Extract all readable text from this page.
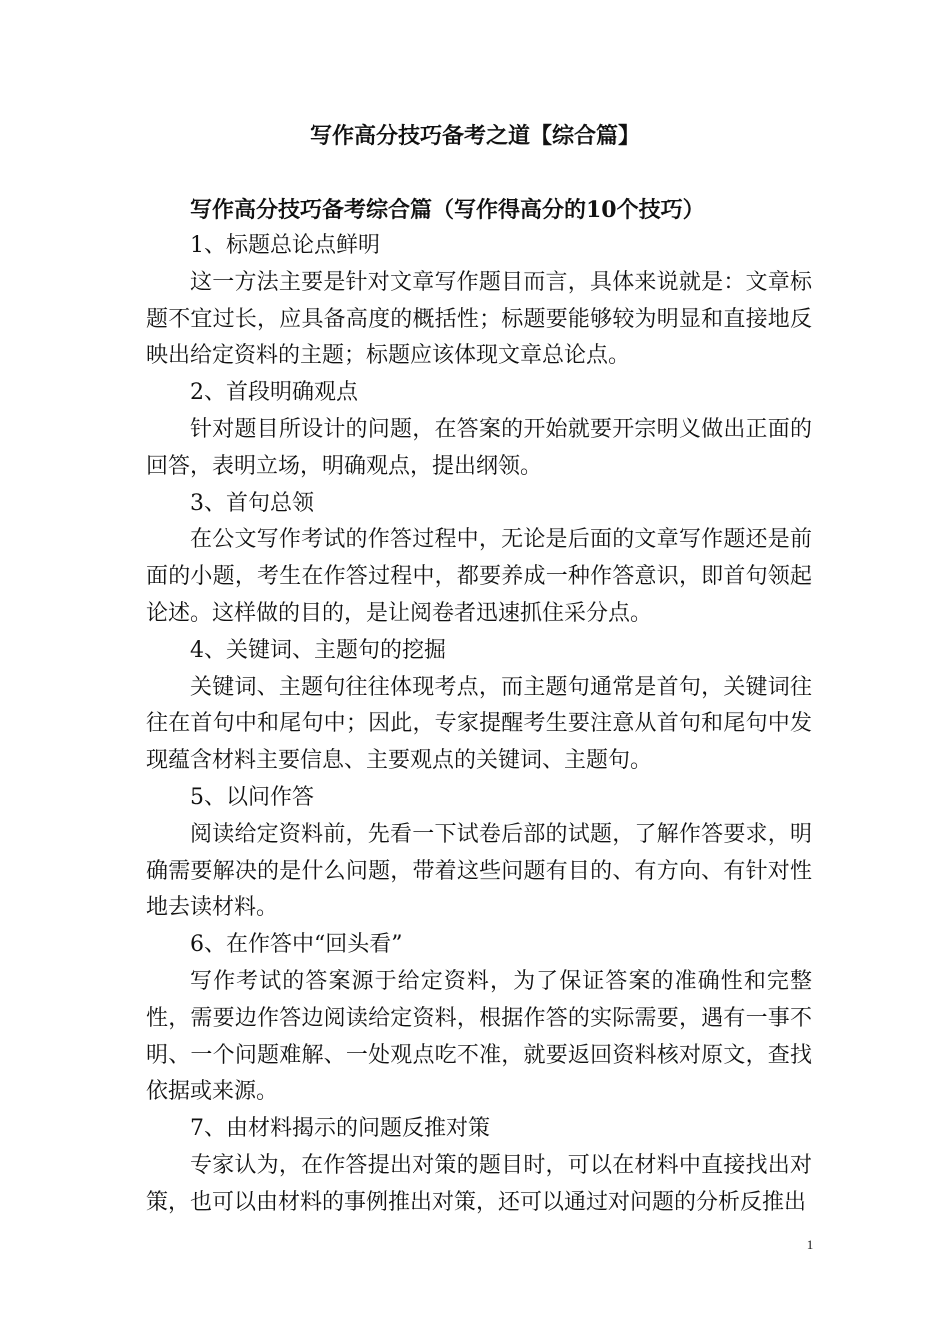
写作高分技巧备考之道【综合篇】
写作高分技巧备考综合篇（写作得高分的10个技巧）

1、标题总论点鲜明

这一方法主要是针对文章写作题目而言，具体来说就是：文章标题不宜过长，应具备高度的概括性；标题要能够较为明显和直接地反映出给定资料的主题；标题应该体现文章总论点。

2、首段明确观点

针对题目所设计的问题，在答案的开始就要开宗明义做出正面的回答，表明立场，明确观点，提出纲领。

3、首句总领

在公文写作考试的作答过程中，无论是后面的文章写作题还是前面的小题，考生在作答过程中，都要养成一种作答意识，即首句领起论述。这样做的目的，是让阅卷者迅速抓住采分点。

4、关键词、主题句的挖掘

关键词、主题句往往体现考点，而主题句通常是首句，关键词往往在首句中和尾句中；因此，专家提醒考生要注意从首句和尾句中发现蕴含材料主要信息、主要观点的关键词、主题句。

5、以问作答

阅读给定资料前，先看一下试卷后部的试题，了解作答要求，明确需要解决的是什么问题，带着这些问题有目的、有方向、有针对性地去读材料。

6、在作答中“回头看”

写作考试的答案源于给定资料，为了保证答案的准确性和完整性，需要边作答边阅读给定资料，根据作答的实际需要，遇有一事不明、一个问题难解、一处观点吃不准，就要返回资料核对原文，查找依据或来源。

7、由材料揭示的问题反推对策

专家认为，在作答提出对策的题目时，可以在材料中直接找出对策，也可以由材料的事例推出对策，还可以通过对问题的分析反推出

1
